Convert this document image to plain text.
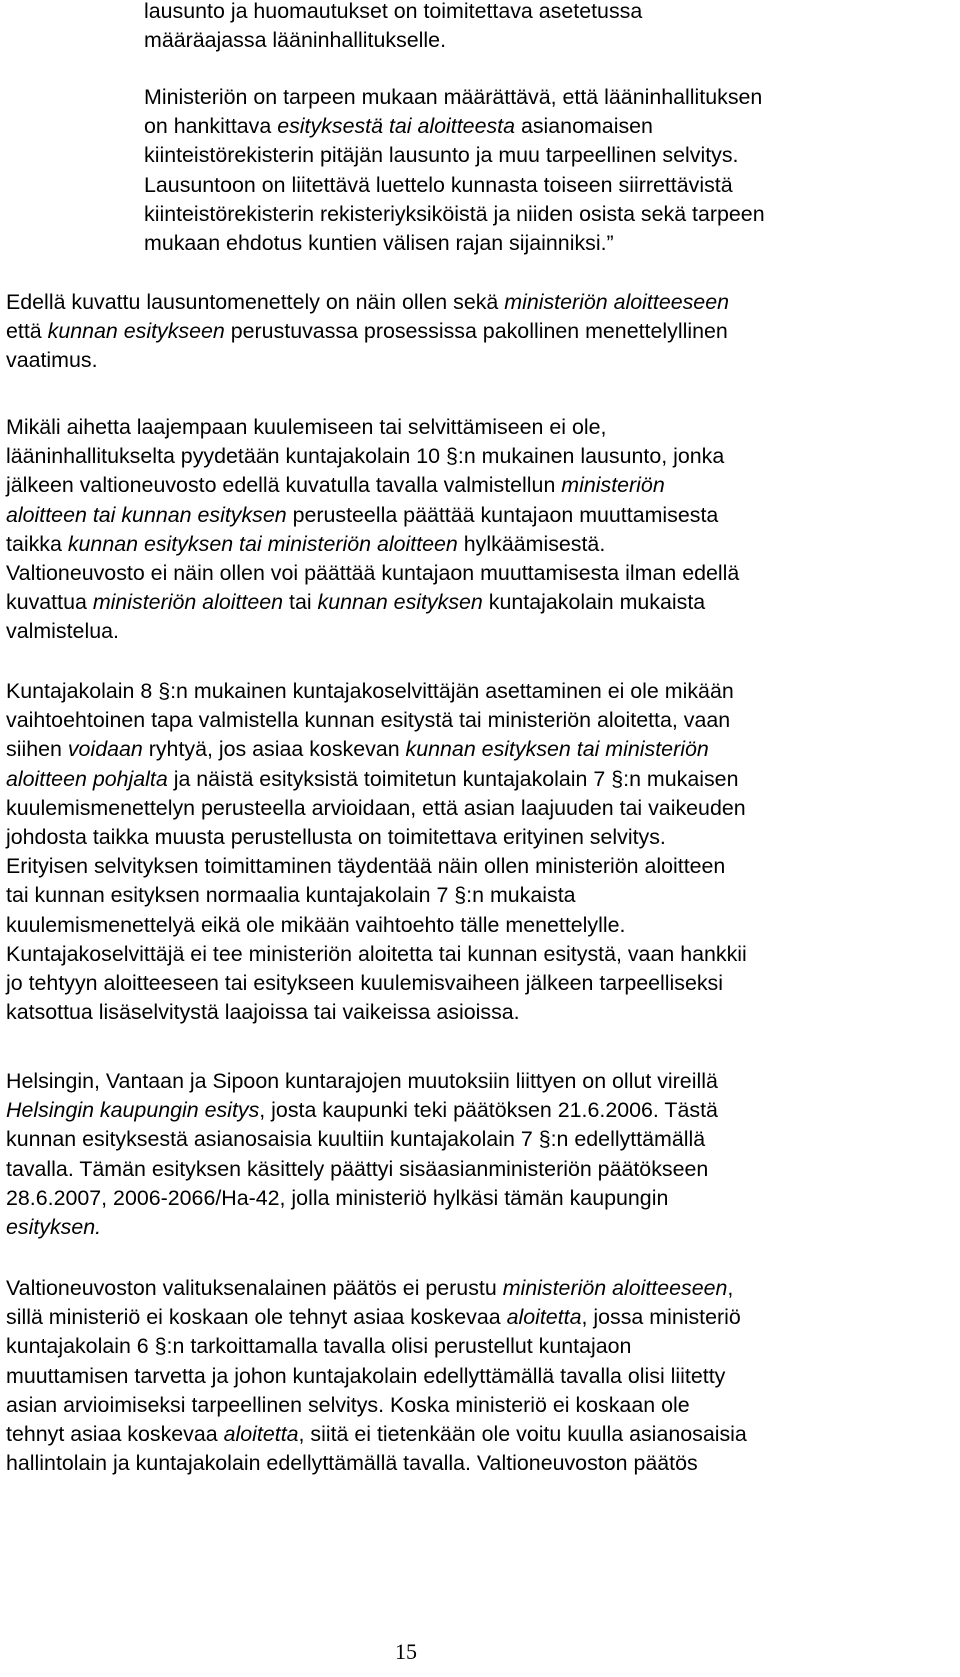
lausunto ja huomautukset on toimitettava asetetussa
määräajassa lääninhallitukselle.
Ministeriön on tarpeen mukaan määrättävä, että lääninhallituksen
on hankittava esityksestä tai aloitteesta asianomaisen
kiinteistörekisterin pitäjän lausunto ja muu tarpeellinen selvitys.
Lausuntoon on liitettävä luettelo kunnasta toiseen siirrettävistä
kiinteistörekisterin rekisteriyksiköistä ja niiden osista sekä tarpeen
mukaan ehdotus kuntien välisen rajan sijainniksi.”
Edellä kuvattu lausuntomenettely on näin ollen sekä ministeriön aloitteeseen
että kunnan esitykseen perustuvassa prosessissa pakollinen menettelyllinen
vaatimus.
Mikäli aihetta laajempaan kuulemiseen tai selvittämiseen ei ole,
lääninhallitukselta pyydetään kuntajakolain 10 §:n mukainen lausunto, jonka
jälkeen valtioneuvosto edellä kuvatulla tavalla valmistellun ministeriön
aloitteen tai kunnan esityksen perusteella päättää kuntajaon muuttamisesta
taikka kunnan esityksen tai ministeriön aloitteen hylkäämisestä.
Valtioneuvosto ei näin ollen voi päättää kuntajaon muuttamisesta ilman edellä
kuvattua ministeriön aloitteen tai kunnan esityksen kuntajakolain mukaista
valmistelua.
Kuntajakolain 8 §:n mukainen kuntajakoselvittäjän asettaminen ei ole mikään
vaihtoehtoinen tapa valmistella kunnan esitystä tai ministeriön aloitetta, vaan
siihen voidaan ryhtyä, jos asiaa koskevan kunnan esityksen tai ministeriön
aloitteen pohjalta ja näistä esityksistä toimitetun kuntajakolain 7 §:n mukaisen
kuulemismenettelyn perusteella arvioidaan, että asian laajuuden tai vaikeuden
johdosta taikka muusta perustellusta on toimitettava erityinen selvitys.
Erityisen selvityksen toimittaminen täydentää näin ollen ministeriön aloitteen
tai kunnan esityksen normaalia kuntajakolain 7 §:n mukaista
kuulemismenettelyä eikä ole mikään vaihtoehto tälle menettelylle.
Kuntajakoselvittäjä ei tee ministeriön aloitetta tai kunnan esitystä, vaan hankkii
jo tehtyyn aloitteeseen tai esitykseen kuulemisvaiheen jälkeen tarpeelliseksi
katsottua lisäselvitystä laajoissa tai vaikeissa asioissa.
Helsingin, Vantaan ja Sipoon kuntarajojen muutoksiin liittyen on ollut vireillä
Helsingin kaupungin esitys, josta kaupunki teki päätöksen 21.6.2006. Tästä
kunnan esityksestä asianosaisia kuultiin kuntajakolain 7 §:n edellyttämällä
tavalla. Tämän esityksen käsittely päättyi sisäasianministeriön päätökseen
28.6.2007, 2006-2066/Ha-42, jolla ministeriö hylkäsi tämän kaupungin
esityksen.
Valtioneuvoston valituksenalainen päätös ei perustu ministeriön aloitteeseen,
sillä ministeriö ei koskaan ole tehnyt asiaa koskevaa aloitetta, jossa ministeriö
kuntajakolain 6 §:n tarkoittamalla tavalla olisi perustellut kuntajaon
muuttamisen tarvetta ja johon kuntajakolain edellyttämällä tavalla olisi liitetty
asian arvioimiseksi tarpeellinen selvitys. Koska ministeriö ei koskaan ole
tehnyt asiaa koskevaa aloitetta, siitä ei tietenkään ole voitu kuulla asianosaisia
hallintolain ja kuntajakolain edellyttämällä tavalla. Valtioneuvoston päätös
15
